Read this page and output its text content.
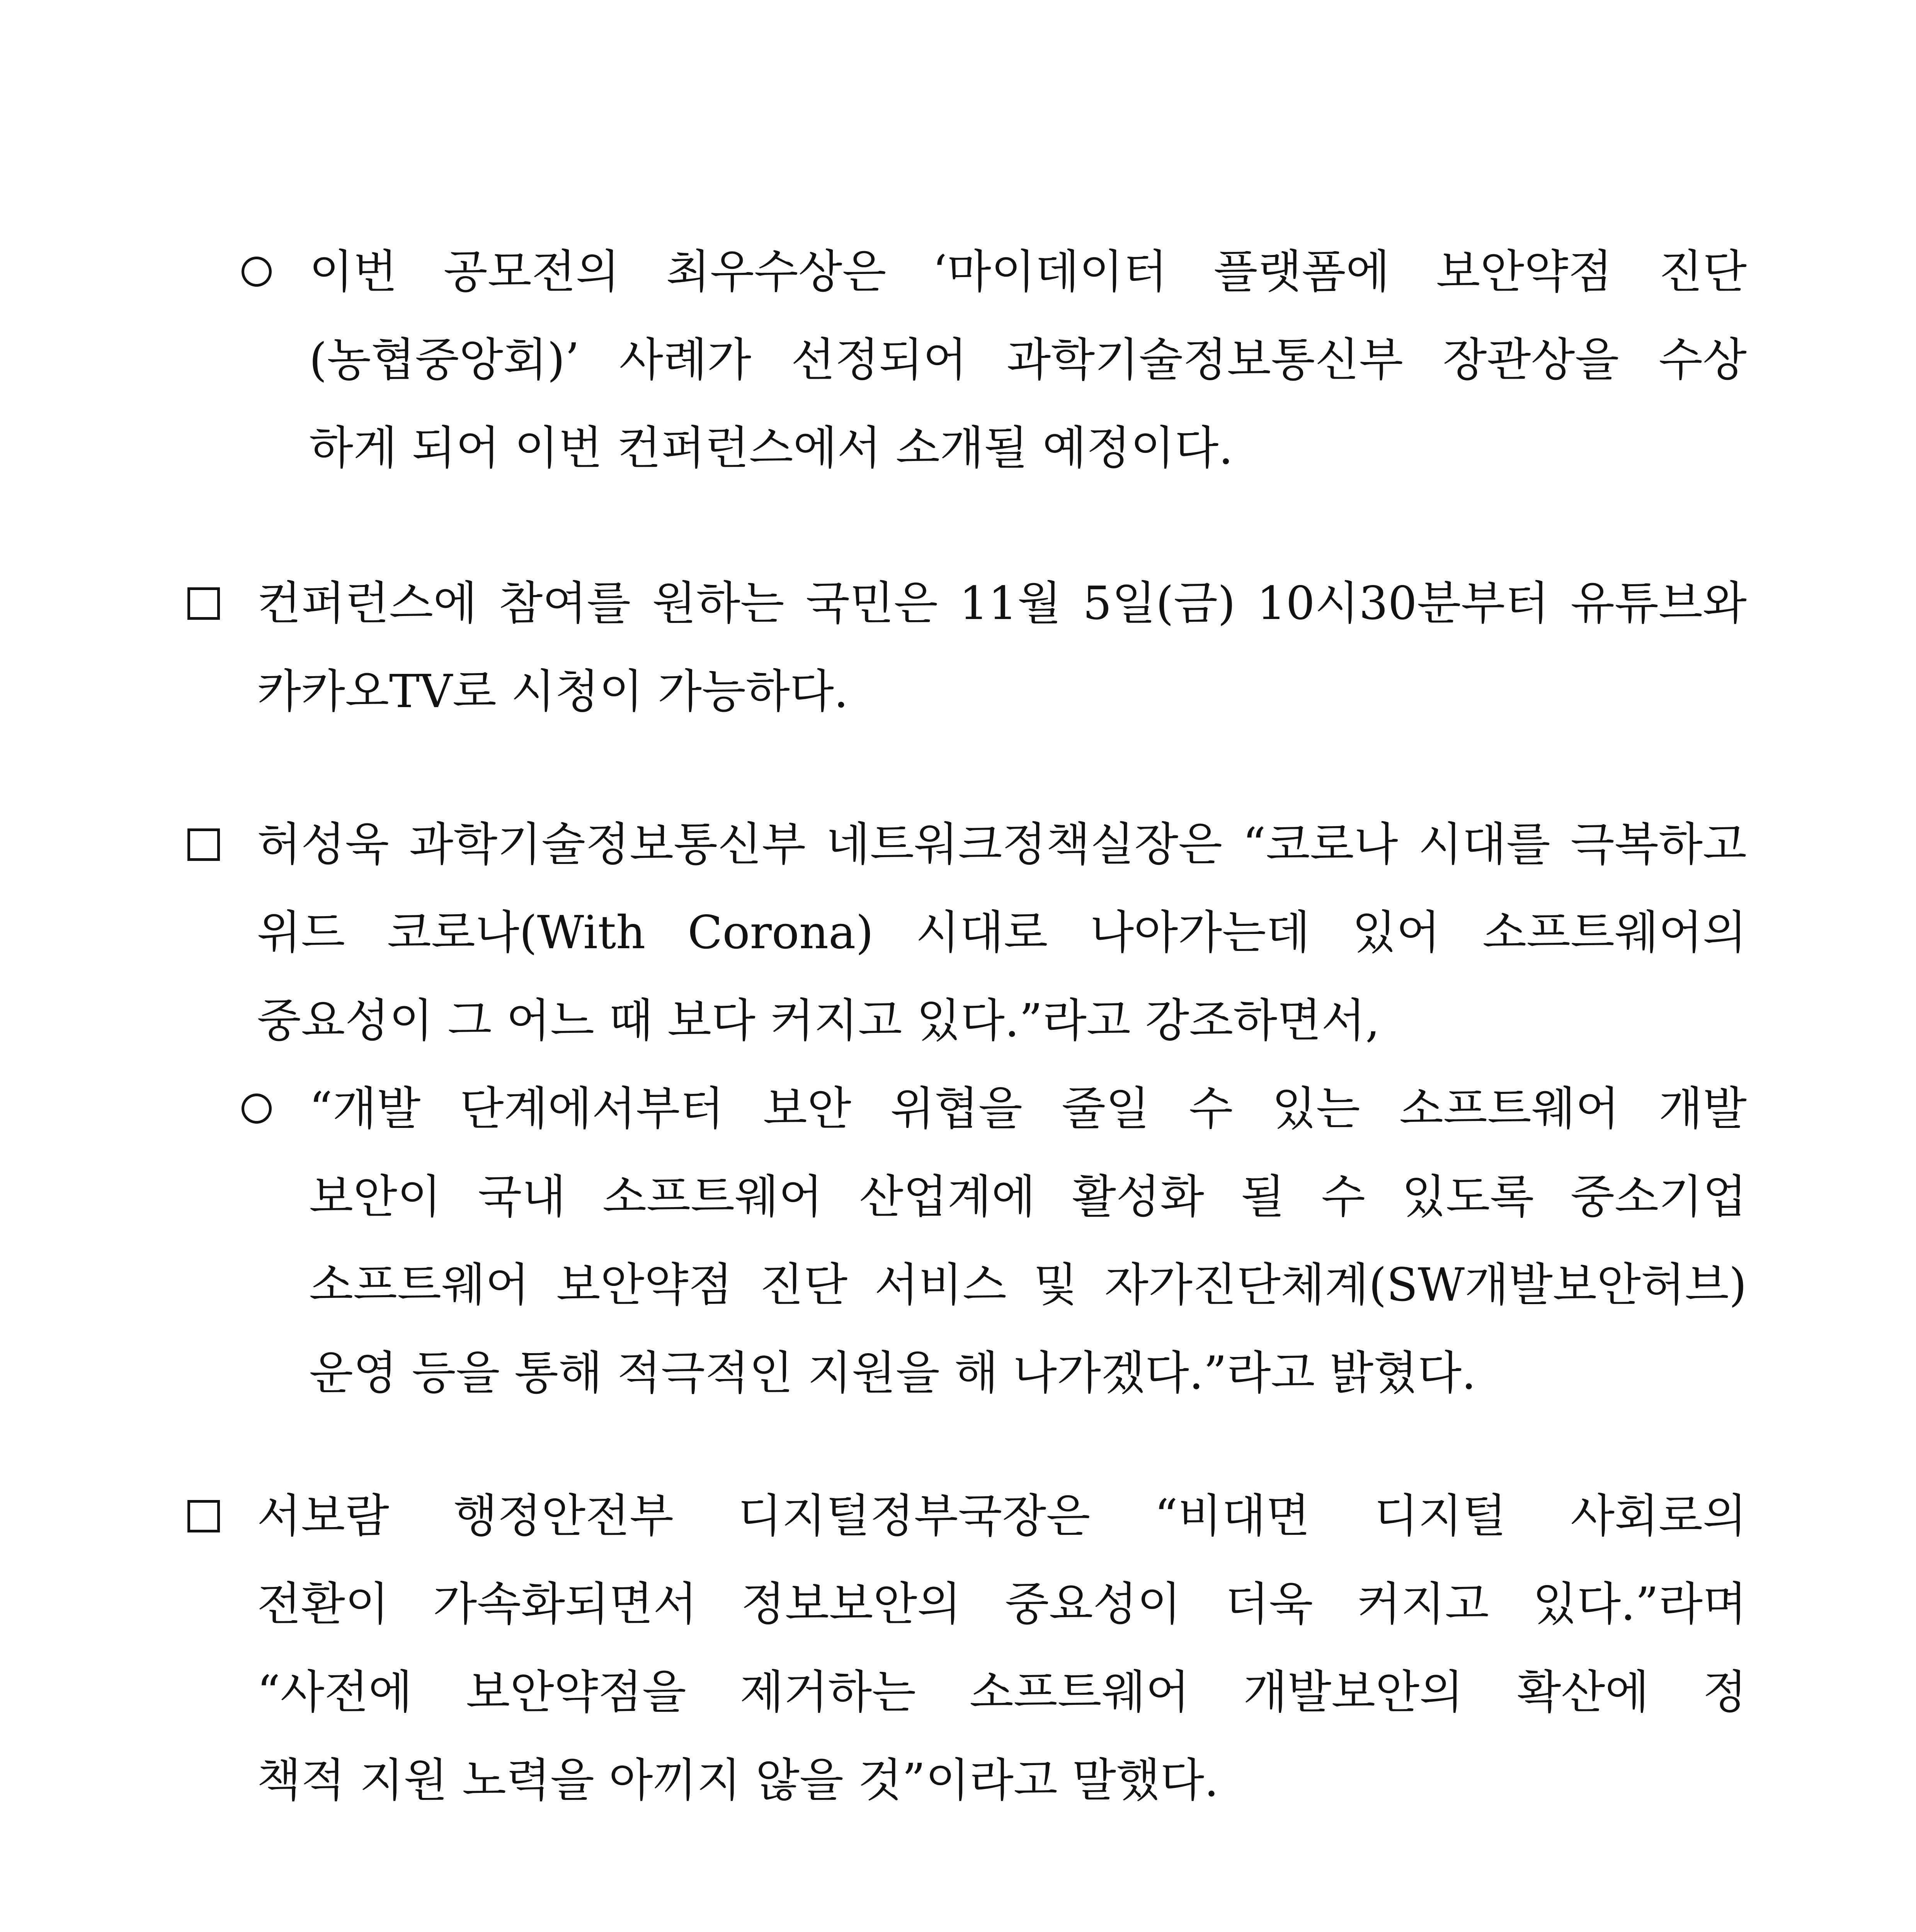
이번 공모전의 최우수상은 ‘마이데이터 플랫폼에 보안약점 진단
(농협중앙회)’ 사례가 선정되어 과학기술정보통신부 장관상을 수상
하게 되어 이번 컨퍼런스에서 소개될 예정이다.
컨퍼런스에 참여를 원하는 국민은 11월 5일(금) 10시30분부터 유튜브와
카카오TV로 시청이 가능하다.
허성욱 과학기술정보통신부 네트워크정책실장은 “코로나 시대를 극복하고
위드 코로나(With Corona) 시대로 나아가는데 있어 소프트웨어의
중요성이 그 어느 때 보다 커지고 있다.”라고 강조하면서,
“개발 단계에서부터 보안 위협을 줄일 수 있는 소프트웨어 개발
보안이 국내 소프트웨어 산업계에 활성화 될 수 있도록 중소기업
소프트웨어 보안약점 진단 서비스 및 자가진단체계(SW개발보안허브)
운영 등을 통해 적극적인 지원을 해 나가겠다.”라고 밝혔다.
서보람 행정안전부 디지털정부국장은 “비대면 디지털 사회로의
전환이 가속화되면서 정보보안의 중요성이 더욱 커지고 있다.”라며
“사전에 보안약점을 제거하는 소프트웨어 개발보안의 확산에 정
책적 지원 노력을 아끼지 않을 것”이라고 말했다.
